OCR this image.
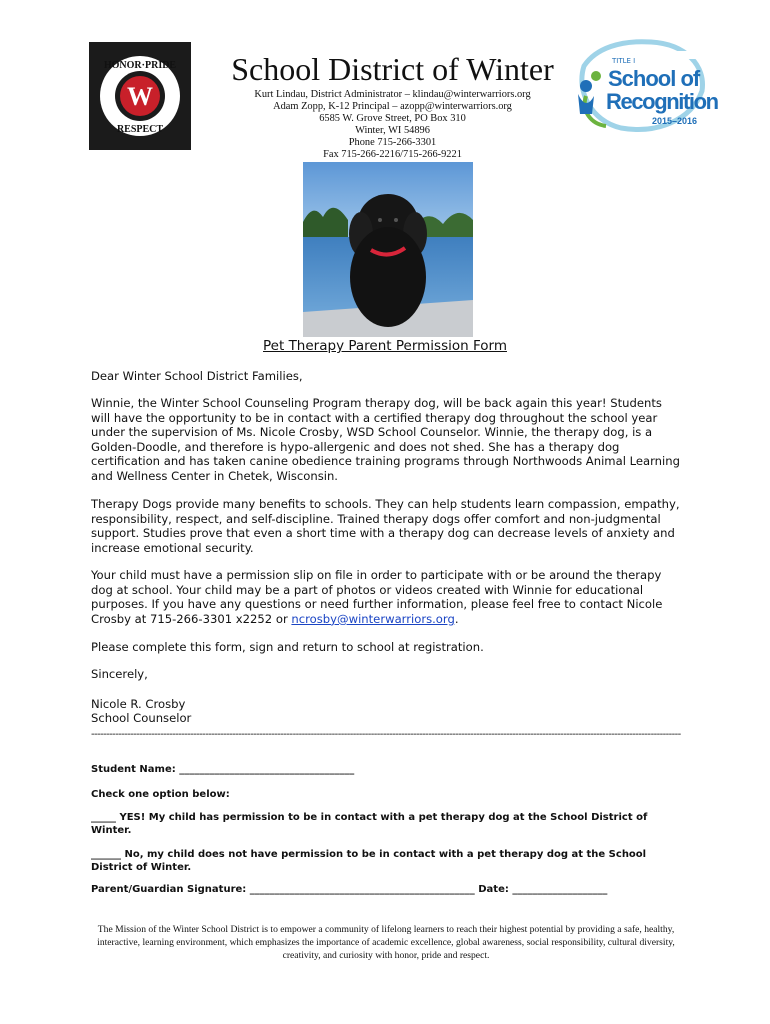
W
HONOR·PRIDE
RESPECT
School District of Winter
Kurt Lindau, District Administrator – klindau@winterwarriors.org
Adam Zopp, K-12 Principal – azopp@winterwarriors.org
6585 W. Grove Street, PO Box 310
Winter, WI 54896
Phone 715-266-3301
Fax 715-266-2216/715-266-9221
TITLE I
School of
Recognition
2015–2016
Pet Therapy Parent Permission Form
Dear Winter School District Families,
Winnie, the Winter School Counseling Program therapy dog, will be back again this year! Students will have the opportunity to be in contact with a certified therapy dog throughout the school year under the supervision of Ms. Nicole Crosby, WSD School Counselor. Winnie, the therapy dog, is a Golden-Doodle, and therefore is hypo-allergenic and does not shed. She has a therapy dog certification and has taken canine obedience training programs through Northwoods Animal Learning and Wellness Center in Chetek, Wisconsin.
Therapy Dogs provide many benefits to schools. They can help students learn compassion, empathy, responsibility, respect, and self-discipline. Trained therapy dogs offer comfort and non-judgmental support. Studies prove that even a short time with a therapy dog can decrease levels of anxiety and increase emotional security.
Your child must have a permission slip on file in order to participate with or be around the therapy dog at school. Your child may be a part of photos or videos created with Winnie for educational purposes. If you have any questions or need further information, please feel free to contact Nicole Crosby at 715-266-3301 x2252 or ncrosby@winterwarriors.org.
Please complete this form, sign and return to school at registration.
Sincerely,
Nicole R. Crosby
School Counselor
----------------------------------------------------------------------------------------------------------------------------------------------------------------------------------------------------
Student Name: ___________________________________
Check one option below:
_____ YES! My child has permission to be in contact with a pet therapy dog at the School District of Winter.
______ No, my child does not have permission to be in contact with a pet therapy dog at the School District of Winter.
Parent/Guardian Signature: _____________________________________________ Date: ___________________
The Mission of the Winter School District is to empower a community of lifelong learners to reach their highest potential by providing a safe, healthy, interactive, learning environment, which emphasizes the importance of academic excellence, global awareness, social responsibility, cultural diversity, creativity, and curiosity with honor, pride and respect.
